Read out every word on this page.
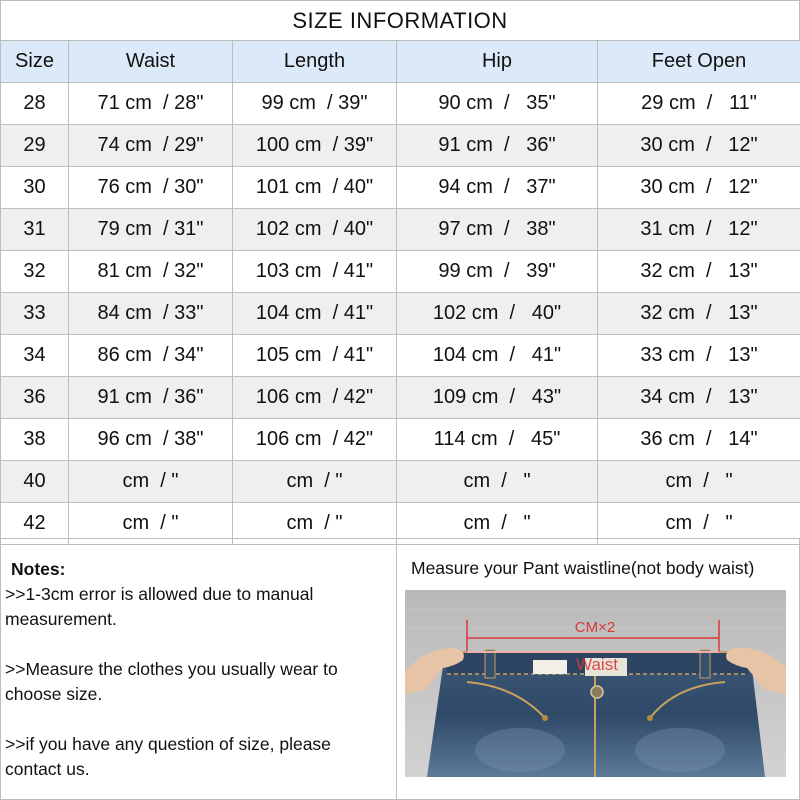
SIZE INFORMATION
Size	Waist	Length	Hip	Feet Open
28	71 cm  / 28"	99 cm  / 39"	90 cm  /   35"	29 cm  /   11"
29	74 cm  / 29"	100 cm  / 39"	91 cm  /   36"	30 cm  /   12"
30	76 cm  / 30"	101 cm  / 40"	94 cm  /   37"	30 cm  /   12"
31	79 cm  / 31"	102 cm  / 40"	97 cm  /   38"	31 cm  /   12"
32	81 cm  / 32"	103 cm  / 41"	99 cm  /   39"	32 cm  /   13"
33	84 cm  / 33"	104 cm  / 41"	102 cm  /   40"	32 cm  /   13"
34	86 cm  / 34"	105 cm  / 41"	104 cm  /   41"	33 cm  /   13"
36	91 cm  / 36"	106 cm  / 42"	109 cm  /   43"	34 cm  /   13"
38	96 cm  / 38"	106 cm  / 42"	114 cm  /   45"	36 cm  /   14"
40	cm  / "	cm  / "	cm  /   "	cm  /   "
42	cm  / "	cm  / "	cm  /   "	cm  /   "
Notes:

>>1-3cm error is allowed due to manual measurement.

>>Measure the clothes you usually wear to choose size.

>>if you have any question of size, please contact us.

Measure your Pant waistline(not body waist)
CM×2
Waist
